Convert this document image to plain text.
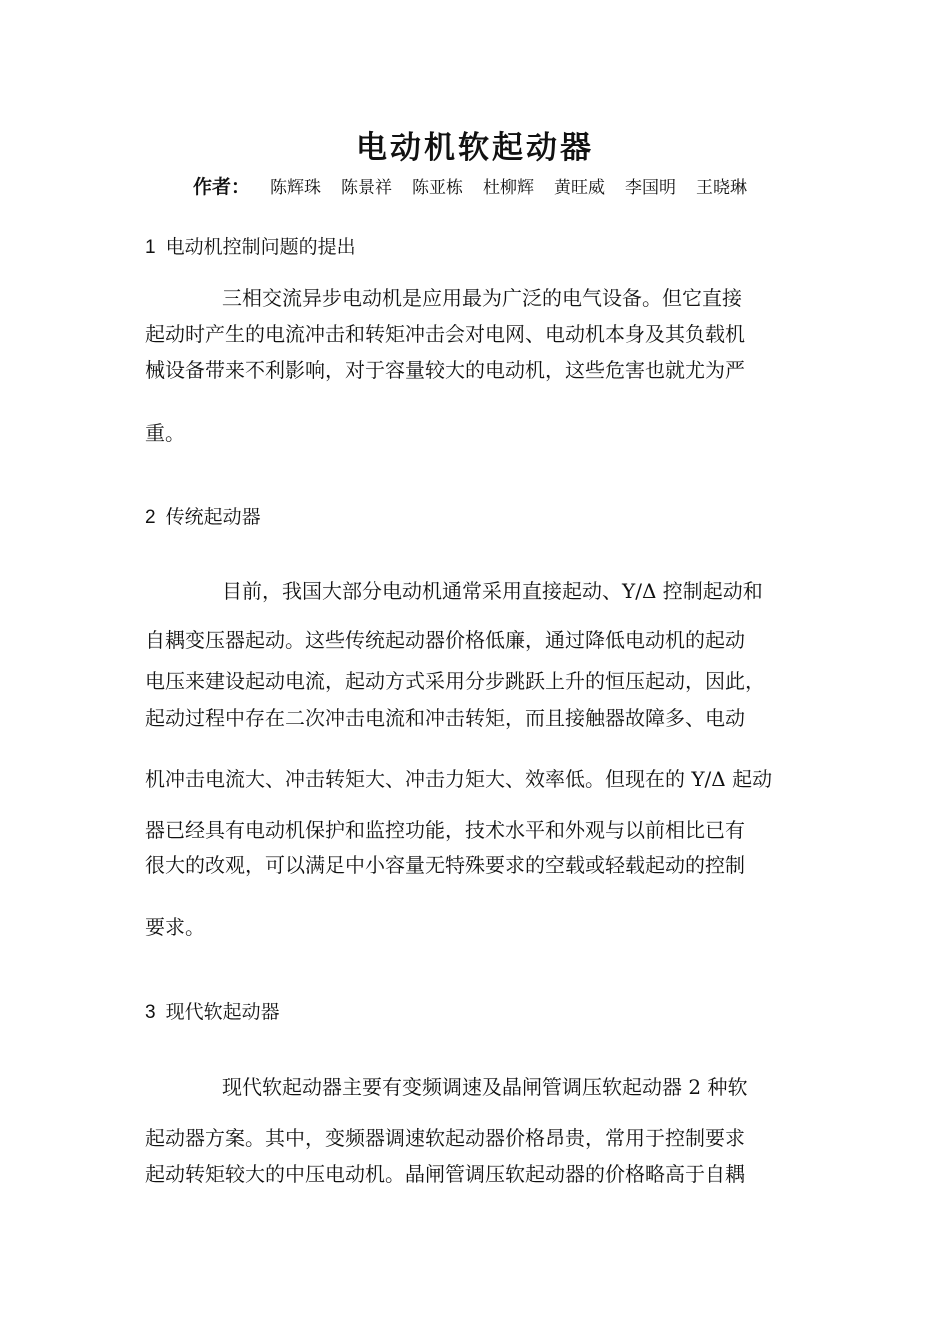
电动机软起动器
作者： 陈辉珠 陈景祥 陈亚栋 杜柳辉 黄旺威 李国明 王晓琳
1 电动机控制问题的提出
三相交流异步电动机是应用最为广泛的电气设备。但它直接
起动时产生的电流冲击和转矩冲击会对电网、电动机本身及其负载机
械设备带来不利影响，对于容量较大的电动机，这些危害也就尤为严
重。
2 传统起动器
目前，我国大部分电动机通常采用直接起动、Y/Δ 控制起动和
自耦变压器起动。这些传统起动器价格低廉，通过降低电动机的起动
电压来建设起动电流，起动方式采用分步跳跃上升的恒压起动，因此，
起动过程中存在二次冲击电流和冲击转矩，而且接触器故障多、电动
机冲击电流大、冲击转矩大、冲击力矩大、效率低。但现在的 Y/Δ 起动
器已经具有电动机保护和监控功能，技术水平和外观与以前相比已有
很大的改观，可以满足中小容量无特殊要求的空载或轻载起动的控制
要求。
3 现代软起动器
现代软起动器主要有变频调速及晶闸管调压软起动器 2 种软
起动器方案。其中，变频器调速软起动器价格昂贵，常用于控制要求
起动转矩较大的中压电动机。晶闸管调压软起动器的价格略高于自耦
